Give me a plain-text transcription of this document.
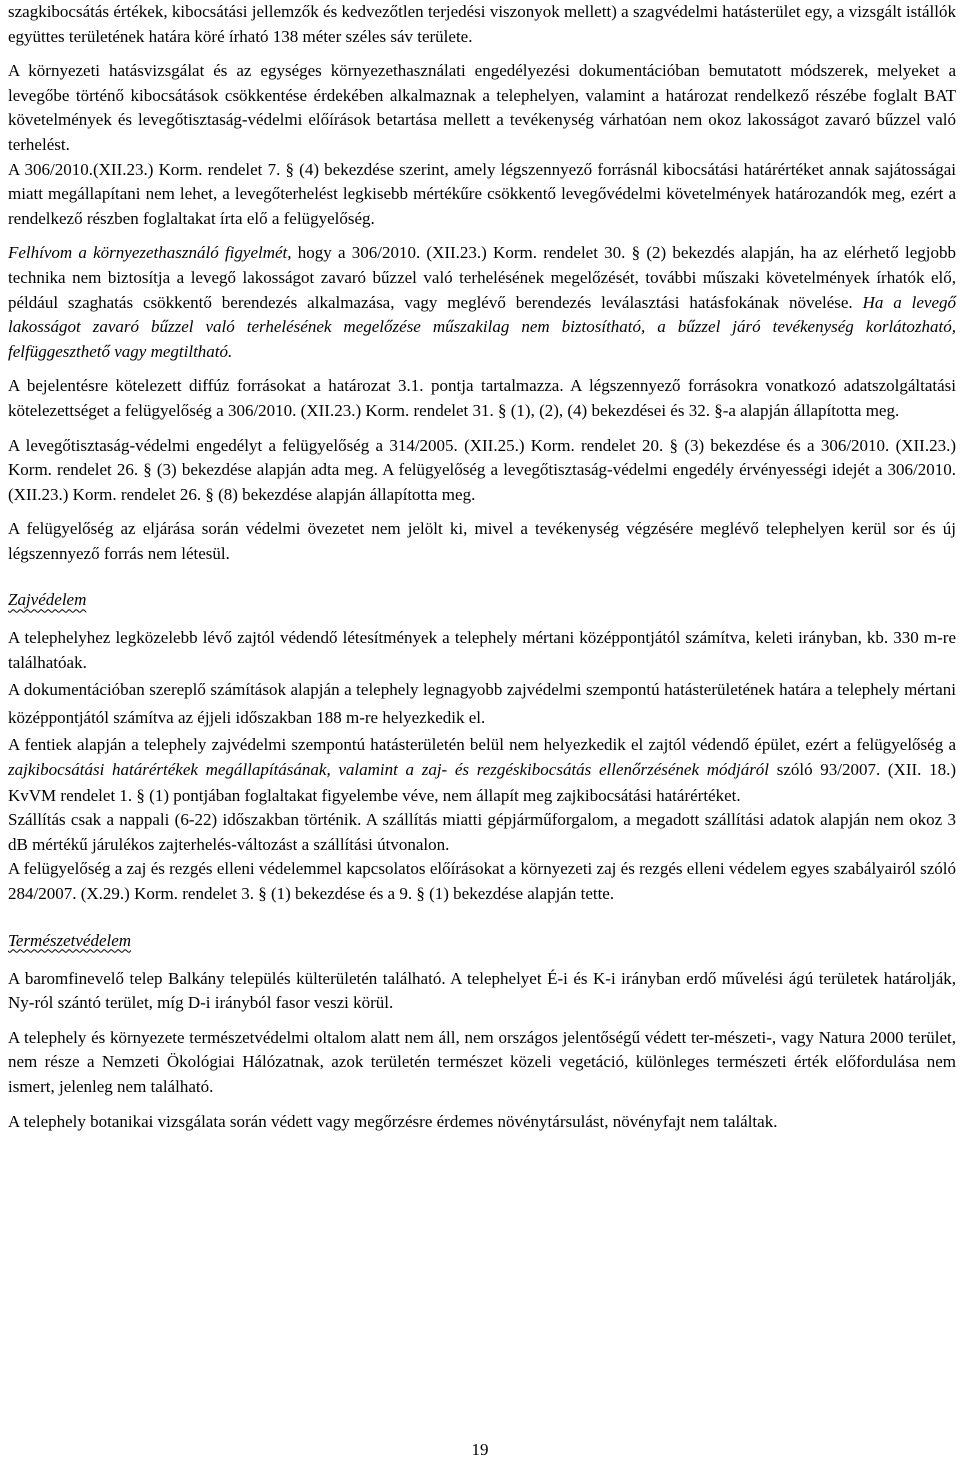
szagkibocsátás értékek, kibocsátási jellemzők és kedvezőtlen terjedési viszonyok mellett) a szagvédelmi hatásterület egy, a vizsgált istállók együttes területének határa köré írható 138 méter széles sáv területe.

A környezeti hatásvizsgálat és az egységes környezethasználati engedélyezési dokumentációban bemutatott módszerek, melyeket a levegőbe történő kibocsátások csökkentése érdekében alkalmaznak a telephelyen, valamint a határozat rendelkező részébe foglalt BAT követelmények és levegőtisztaság-védelmi előírások betartása mellett a tevékenység várhatóan nem okoz lakosságot zavaró bűzzel való terhelést.

A 306/2010.(XII.23.) Korm. rendelet 7. § (4) bekezdése szerint, amely légszennyező forrásnál kibocsátási határértéket annak sajátosságai miatt megállapítani nem lehet, a levegőterhelést legkisebb mértékűre csökkentő levegővédelmi követelmények határozandók meg, ezért a rendelkező részben foglaltakat írta elő a felügyelőség.

Felhívom a környezethasználó figyelmét, hogy a 306/2010. (XII.23.) Korm. rendelet 30. § (2) bekezdés alapján, ha az elérhető legjobb technika nem biztosítja a levegő lakosságot zavaró bűzzel való terhelésének megelőzését, további műszaki követelmények írhatók elő, például szaghatás csökkentő berendezés alkalmazása, vagy meglévő berendezés leválasztási hatásfokának növelése. Ha a levegő lakosságot zavaró bűzzel való terhelésének megelőzése műszakilag nem biztosítható, a bűzzel járó tevékenység korlátozható, felfüggeszthető vagy megtiltható.

A bejelentésre kötelezett diffúz forrásokat a határozat 3.1. pontja tartalmazza. A légszennyező forrásokra vonatkozó adatszolgáltatási kötelezettséget a felügyelőség a 306/2010. (XII.23.) Korm. rendelet 31. § (1), (2), (4) bekezdései és 32. §-a alapján állapította meg.

A levegőtisztaság-védelmi engedélyt a felügyelőség a 314/2005. (XII.25.) Korm. rendelet 20. § (3) bekezdése és a 306/2010. (XII.23.) Korm. rendelet 26. § (3) bekezdése alapján adta meg. A felügyelőség a levegőtisztaság-védelmi engedély érvényességi idejét a 306/2010. (XII.23.) Korm. rendelet 26. § (8) bekezdése alapján állapította meg.

A felügyelőség az eljárása során védelmi övezetet nem jelölt ki, mivel a tevékenység végzésére meglévő telephelyen kerül sor és új légszennyező forrás nem létesül.

Zajvédelem

A telephelyhez legközelebb lévő zajtól védendő létesítmények a telephely mértani középpontjától számítva, keleti irányban, kb. 330 m-re találhatóak.

A dokumentációban szereplő számítások alapján a telephely legnagyobb zajvédelmi szempontú hatásterületének határa a telephely mértani középpontjától számítva az éjjeli időszakban 188 m-re helyezkedik el.

A fentiek alapján a telephely zajvédelmi szempontú hatásterületén belül nem helyezkedik el zajtól védendő épület, ezért a felügyelőség a zajkibocsátási határértékek megállapításának, valamint a zaj- és rezgéskibocsátás ellenőrzésének módjáról szóló 93/2007. (XII. 18.) KvVM rendelet 1. § (1) pontjában foglaltakat figyelembe véve, nem állapít meg zajkibocsátási határértéket.

Szállítás csak a nappali (6-22) időszakban történik. A szállítás miatti gépjárműforgalom, a megadott szállítási adatok alapján nem okoz 3 dB mértékű járulékos zajterhelés-változást a szállítási útvonalon.

A felügyelőség a zaj és rezgés elleni védelemmel kapcsolatos előírásokat a környezeti zaj és rezgés elleni védelem egyes szabályairól szóló 284/2007. (X.29.) Korm. rendelet 3. § (1) bekezdése és a 9. § (1) bekezdése alapján tette.

Természetvédelem

A baromfinevelő telep Balkány település külterületén található. A telephelyet É-i és K-i irányban erdő művelési ágú területek határolják, Ny-ról szántó terület, míg D-i irányból fasor veszi körül.

A telephely és környezete természetvédelmi oltalom alatt nem áll, nem országos jelentőségű védett ter-mészeti-, vagy Natura 2000 terület, nem része a Nemzeti Ökológiai Hálózatnak, azok területén természet közeli vegetáció, különleges természeti érték előfordulása nem ismert, jelenleg nem található.

A telephely botanikai vizsgálata során védett vagy megőrzésre érdemes növénytársulást, növényfajt nem találtak.

19
